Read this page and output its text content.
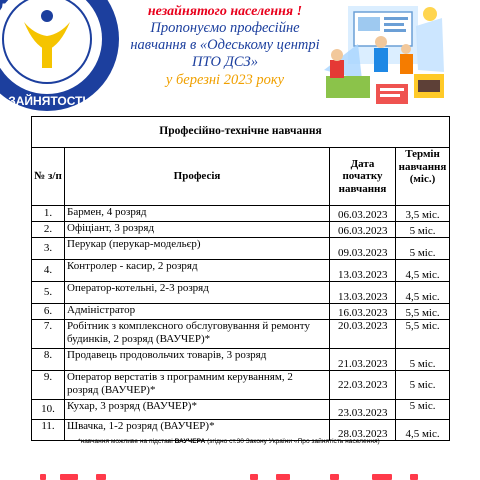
ЗАЙНЯТОСТІ
Д	незайнятого населення !
Пропонуємо професійне
навчання в «Одеському центрі
ПТО ДСЗ»
у березні 2023 року
Професійно-технічне навчання			
№ з/п	Професія	Дата початку навчання	Термін навчання (міс.)
1.	Бармен, 4 розряд	06.03.2023	3,5 міс.
2.	Офіціант, 3 розряд	06.03.2023	5 міс.
3.	Перукар (перукар-модельєр)	09.03.2023	5 міс.
4.	Контролер - касир, 2 розряд	13.03.2023	4,5 міс.
5.	Оператор-котельні, 2-3 розряд	13.03.2023	4,5 міс.
6.	Адміністратор	16.03.2023	5,5 міс.
7.	Робітник з комплексного обслуговування й ремонту будинків, 2 розряд (ВАУЧЕР)*	20.03.2023	5,5 міс.
8.	Продавець продовольчих товарів, 3 розряд	21.03.2023	5 міс.
9.	Оператор верстатів з програмним керуванням, 2 розряд (ВАУЧЕР)*	22.03.2023	5 міс.
10.	Кухар, 3 розряд (ВАУЧЕР)*	23.03.2023	5 міс.
11.	Швачка, 1-2 розряд (ВАУЧЕР)*	28.03.2023	4,5 міс.
*навчання можливе на підставі ВАУЧЕРА (згідно ст.30 Закону України «Про зайнятість населення)
